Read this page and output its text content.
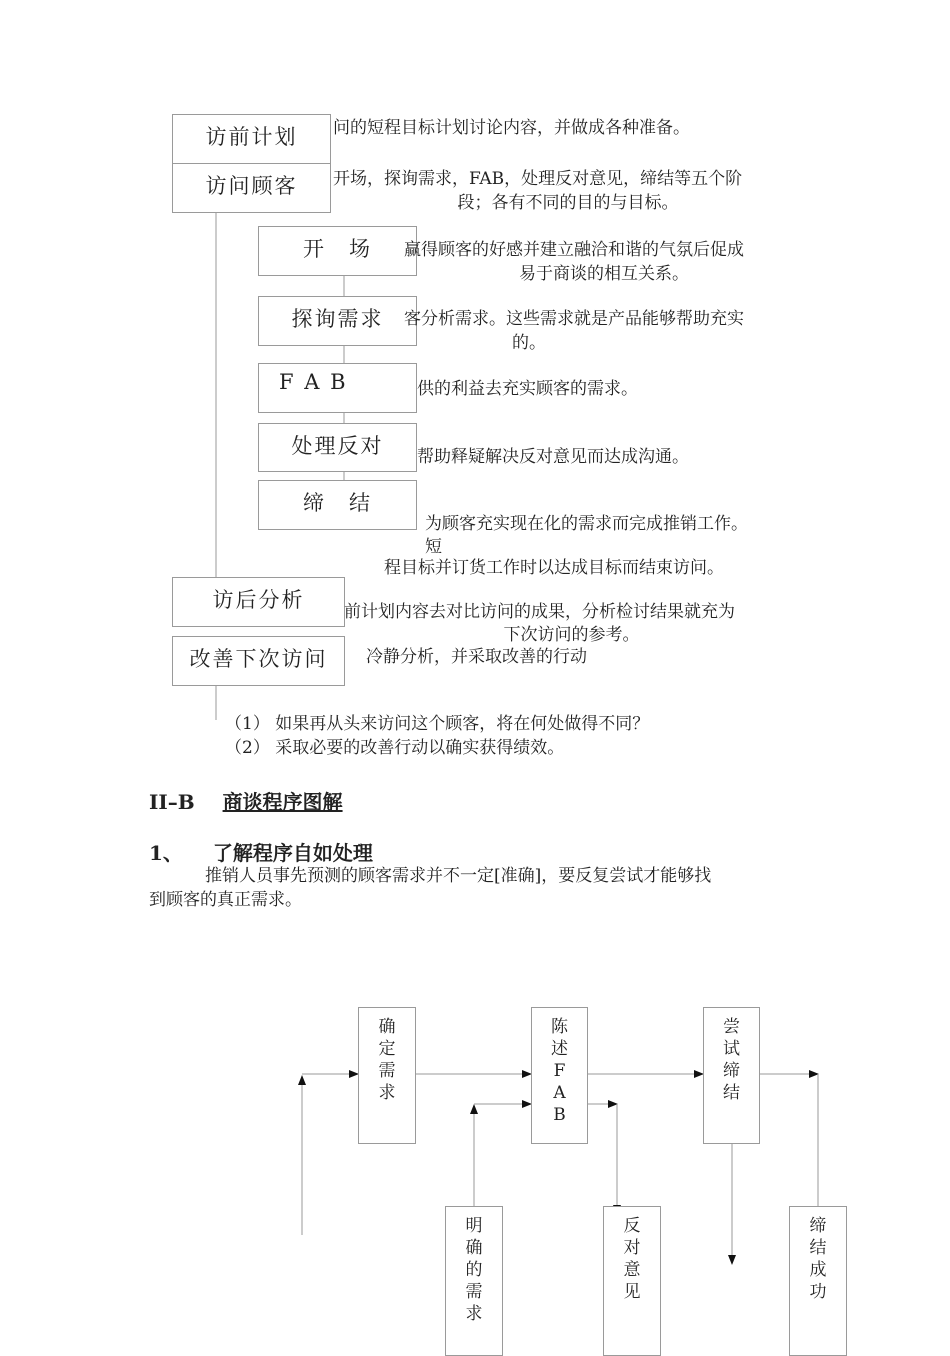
访前计划
访问顾客
开　场
探询需求
F A B
处理反对
缔　结
访后分析
改善下次访问
问的短程目标计划讨论内容，并做成各种准备。
开场，探询需求，FAB，处理反对意见，缔结等五个阶
段；各有不同的目的与目标。
赢得顾客的好感并建立融洽和谐的气氛后促成
易于商谈的相互关系。
客分析需求。这些需求就是产品能够帮助充实
的。
供的利益去充实顾客的需求。
帮助释疑解决反对意见而达成沟通。
为顾客充实现在化的需求而完成推销工作。
短
程目标并订货工作时以达成目标而结束访问。
前计划内容去对比访问的成果，分析检讨结果就充为
下次访问的参考。
冷静分析，并采取改善的行动
（1） 如果再从头来访问这个顾客，将在何处做得不同？
（2） 采取必要的改善行动以确实获得绩效。
II–B 商谈程序图解
1、 了解程序自如处理
推销人员事先预测的顾客需求并不一定[准确]，要反复尝试才能够找
到顾客的真正需求。
确定需求
陈述FAB
尝试缔结
明确的需求
反对意见
缔结成功
